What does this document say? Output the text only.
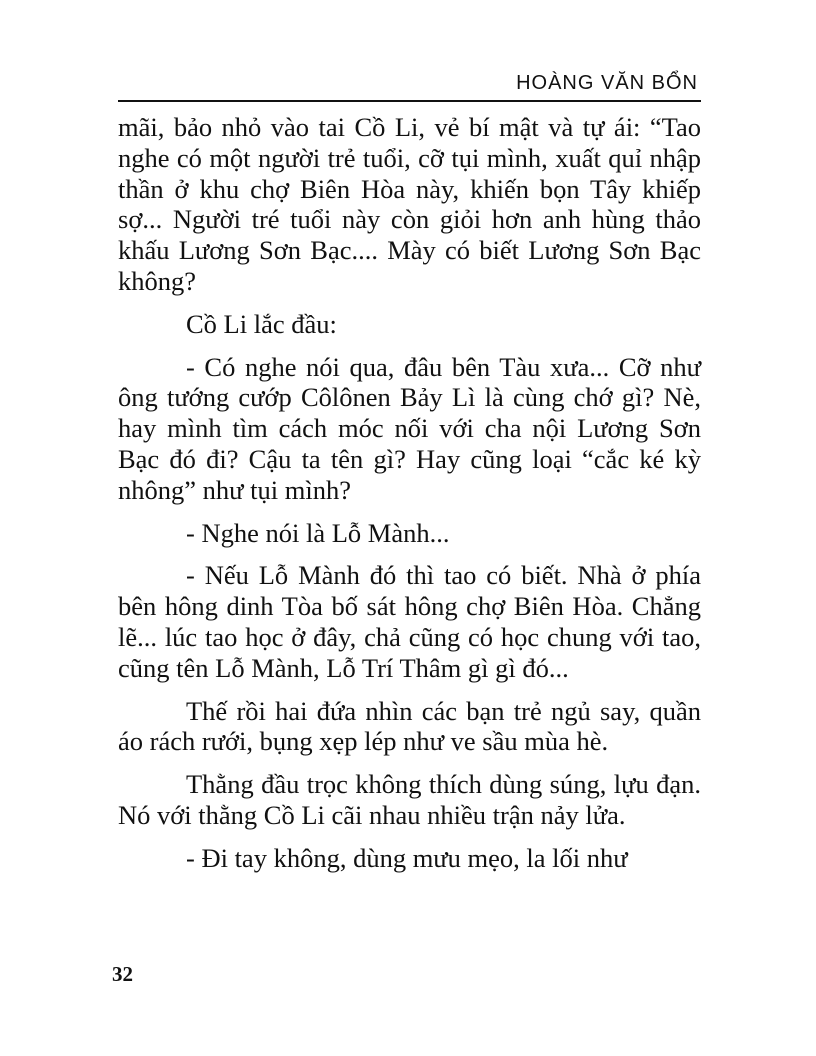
HOÀNG VĂN BỔN

mãi, bảo nhỏ vào tai Cồ Li, vẻ bí mật và tự ái: “Tao nghe có một người trẻ tuổi, cỡ tụi mình, xuất quỉ nhập thần ở khu chợ Biên Hòa này, khiến bọn Tây khiếp sợ... Người tré tuổi này còn giỏi hơn anh hùng thảo khấu Lương Sơn Bạc.... Mày có biết Lương Sơn Bạc không?

Cồ Li lắc đầu:

- Có nghe nói qua, đâu bên Tàu xưa... Cỡ như ông tướng cướp Côlônen Bảy Lì là cùng chớ gì? Nè, hay mình tìm cách móc nối với cha nội Lương Sơn Bạc đó đi? Cậu ta tên gì? Hay cũng loại “cắc ké kỳ nhông” như tụi mình?

- Nghe nói là Lỗ Mành...

- Nếu Lỗ Mành đó thì tao có biết. Nhà ở phía bên hông dinh Tòa bố sát hông chợ Biên Hòa. Chẳng lẽ... lúc tao học ở đây, chả cũng có học chung với tao, cũng tên Lỗ Mành, Lỗ Trí Thâm gì gì đó...

Thế rồi hai đứa nhìn các bạn trẻ ngủ say, quần áo rách rưới, bụng xẹp lép như ve sầu mùa hè.

Thằng đầu trọc không thích dùng súng, lựu đạn. Nó với thằng Cồ Li cãi nhau nhiều trận nảy lửa.

- Đi tay không, dùng mưu mẹo, la lối như

32
